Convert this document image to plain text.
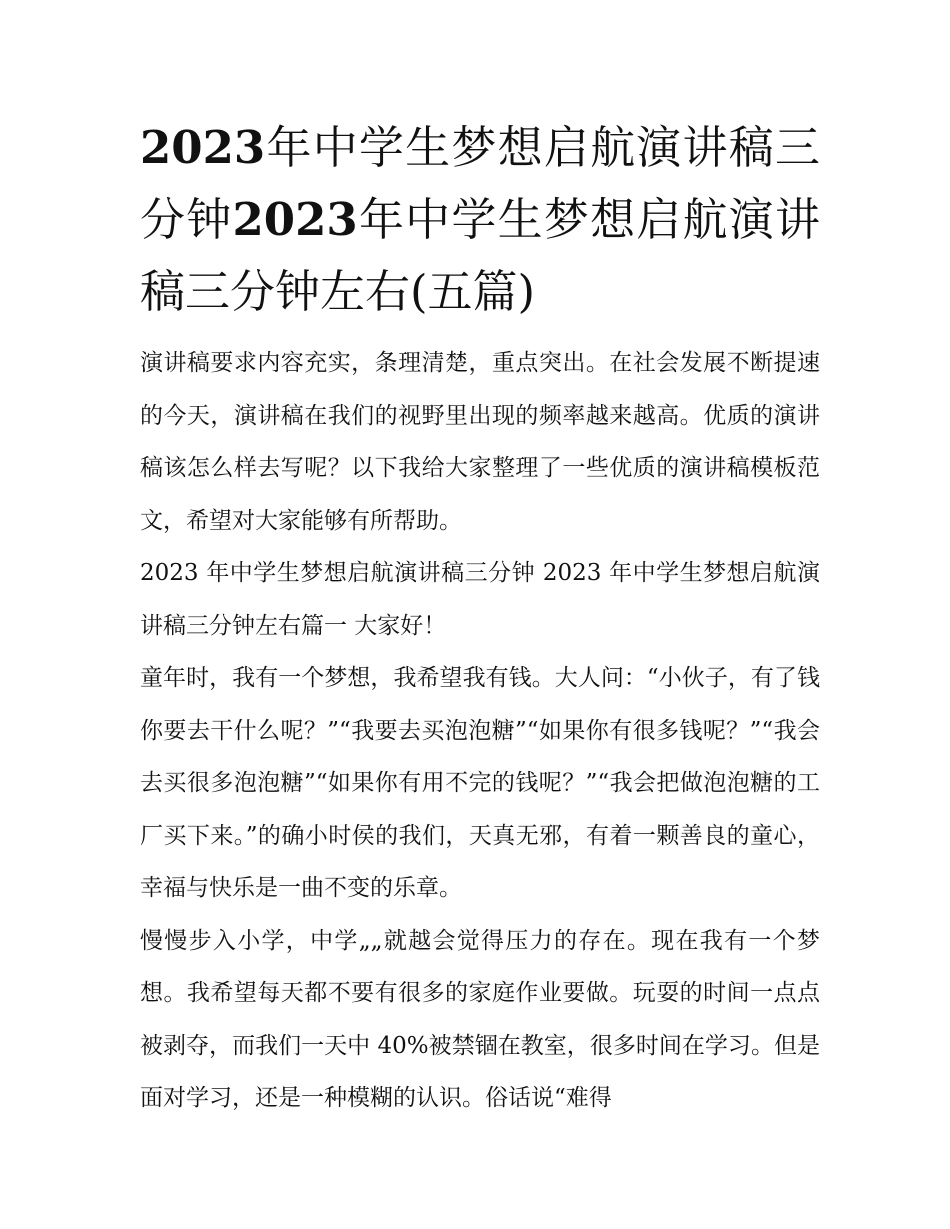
2023年中学生梦想启航演讲稿三分钟2023年中学生梦想启航演讲稿三分钟左右(五篇)

演讲稿要求内容充实，条理清楚，重点突出。在社会发展不断提速的今天，演讲稿在我们的视野里出现的频率越来越高。优质的演讲稿该怎么样去写呢？以下我给大家整理了一些优质的演讲稿模板范文，希望对大家能够有所帮助。

2023 年中学生梦想启航演讲稿三分钟 2023 年中学生梦想启航演讲稿三分钟左右篇一 大家好！

童年时，我有一个梦想，我希望我有钱。大人问：“小伙子，有了钱你要去干什么呢？”“我要去买泡泡糖”“如果你有很多钱呢？”“我会去买很多泡泡糖”“如果你有用不完的钱呢？”“我会把做泡泡糖的工厂买下来。”的确小时侯的我们，天真无邪，有着一颗善良的童心，幸福与快乐是一曲不变的乐章。

慢慢步入小学，中学„„就越会觉得压力的存在。现在我有一个梦想。我希望每天都不要有很多的家庭作业要做。玩耍的时间一点点被剥夺，而我们一天中 40%被禁锢在教室，很多时间在学习。但是面对学习，还是一种模糊的认识。俗话说“难得
